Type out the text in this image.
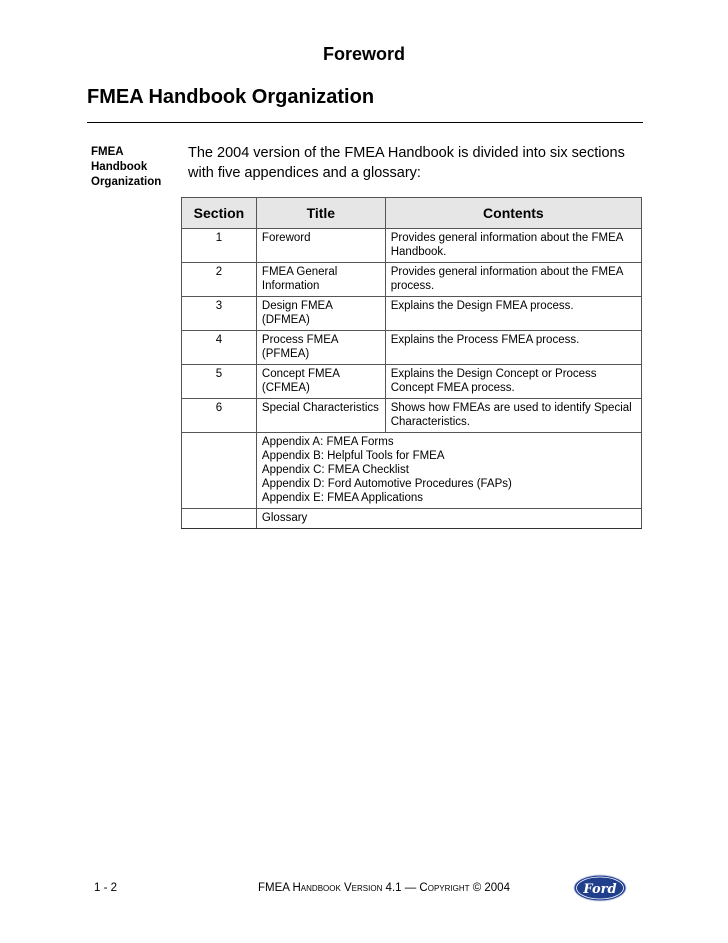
Foreword
FMEA Handbook Organization
FMEA
Handbook
Organization
The 2004 version of the FMEA Handbook is divided into six sections with five appendices and a glossary:
Section	Title	Contents
1	Foreword	Provides general information about the FMEA Handbook.
2	FMEA General Information	Provides general information about the FMEA process.
3	Design FMEA (DFMEA)	Explains the Design FMEA process.
4	Process FMEA (PFMEA)	Explains the Process FMEA process.
5	Concept FMEA (CFMEA)	Explains the Design Concept or Process Concept FMEA process.
6	Special Characteristics	Shows how FMEAs are used to identify Special Characteristics.

	Appendix A: FMEA Forms
Appendix B: Helpful Tools for FMEA
Appendix C: FMEA Checklist
Appendix D: Ford Automotive Procedures (FAPs)
Appendix E: FMEA Applications	

	Glossary	
1 - 2	FMEA Handbook Version 4.1 — Copyright © 2004	Ford
